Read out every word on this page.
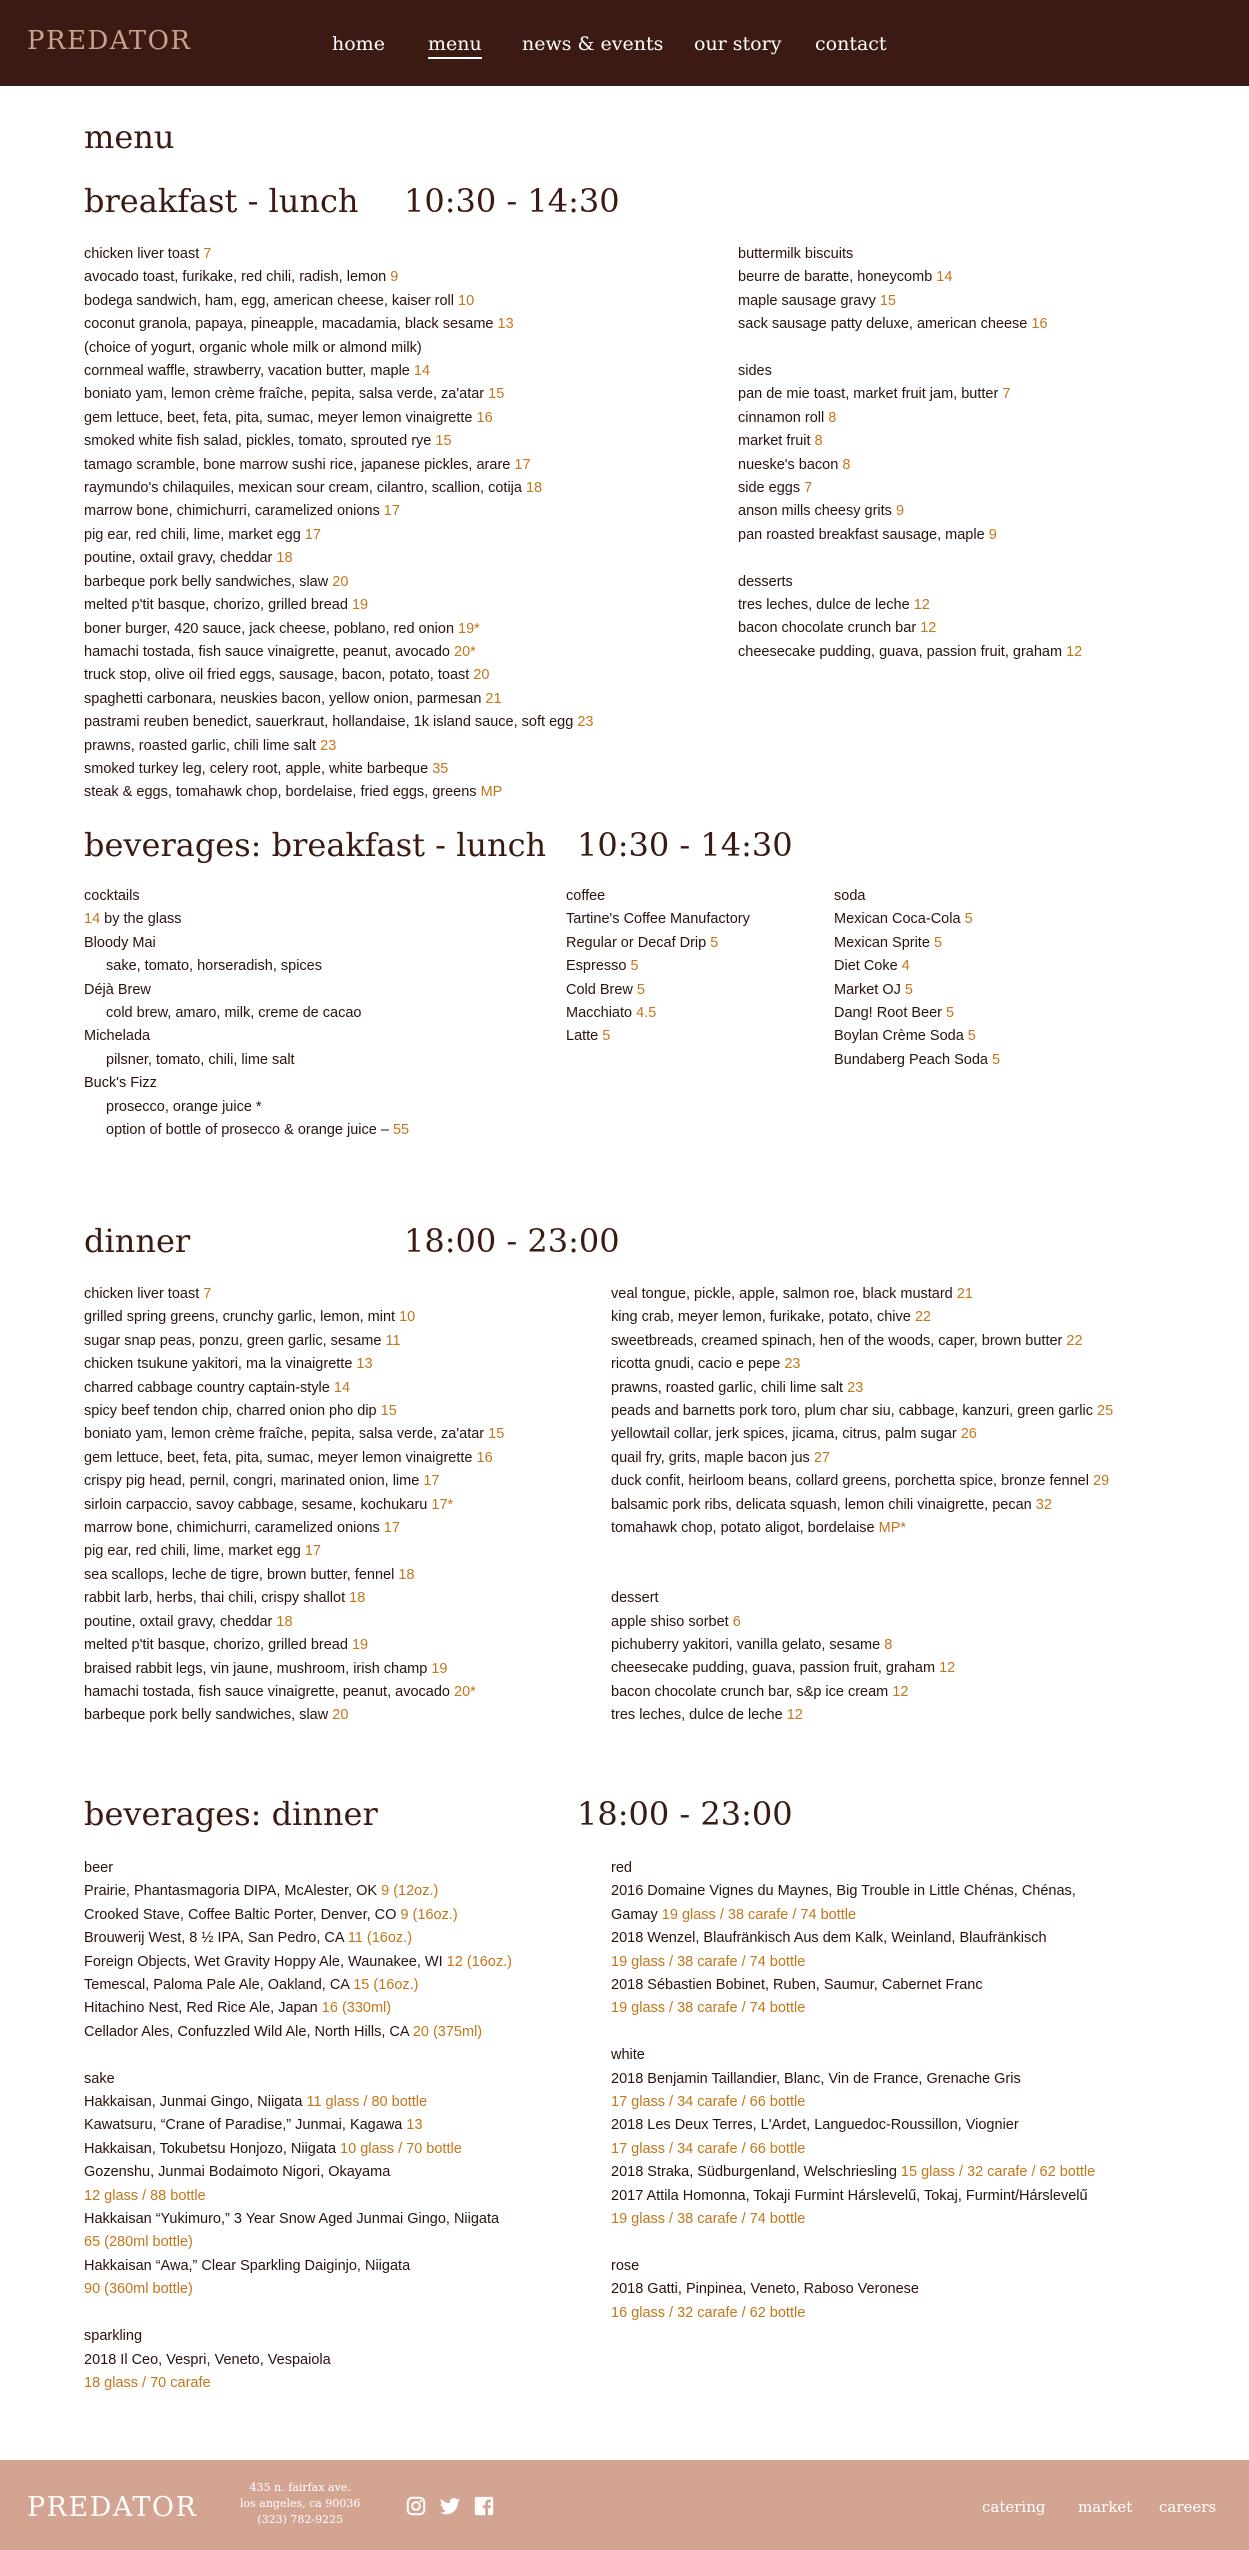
PREDATOR	home menu news & events our story contact
menu
breakfast - lunch 10:30 - 14:30
chicken liver toast 7
avocado toast, furikake, red chili, radish, lemon 9
bodega sandwich, ham, egg, american cheese, kaiser roll 10
coconut granola, papaya, pineapple, macadamia, black sesame 13
(choice of yogurt, organic whole milk or almond milk)
cornmeal waffle, strawberry, vacation butter, maple 14
boniato yam, lemon crème fraîche, pepita, salsa verde, za'atar 15
gem lettuce, beet, feta, pita, sumac, meyer lemon vinaigrette 16
smoked white fish salad, pickles, tomato, sprouted rye 15
tamago scramble, bone marrow sushi rice, japanese pickles, arare 17
raymundo's chilaquiles, mexican sour cream, cilantro, scallion, cotija 18
marrow bone, chimichurri, caramelized onions 17
pig ear, red chili, lime, market egg 17
poutine, oxtail gravy, cheddar 18
barbeque pork belly sandwiches, slaw 20
melted p'tit basque, chorizo, grilled bread 19
boner burger, 420 sauce, jack cheese, poblano, red onion 19*
hamachi tostada, fish sauce vinaigrette, peanut, avocado 20*
truck stop, olive oil fried eggs, sausage, bacon, potato, toast 20
spaghetti carbonara, neuskies bacon, yellow onion, parmesan 21
pastrami reuben benedict, sauerkraut, hollandaise, 1k island sauce, soft egg 23
prawns, roasted garlic, chili lime salt 23
smoked turkey leg, celery root, apple, white barbeque 35
steak & eggs, tomahawk chop, bordelaise, fried eggs, greens MP
buttermilk biscuits
beurre de baratte, honeycomb 14
maple sausage gravy 15
sack sausage patty deluxe, american cheese 16
sides
pan de mie toast, market fruit jam, butter 7
cinnamon roll 8
market fruit 8
nueske's bacon 8
side eggs 7
anson mills cheesy grits 9
pan roasted breakfast sausage, maple 9
desserts
tres leches, dulce de leche 12
bacon chocolate crunch bar 12
cheesecake pudding, guava, passion fruit, graham 12
beverages: breakfast - lunch 10:30 - 14:30
cocktails
14 by the glass
Bloody Mai
sake, tomato, horseradish, spices
Déjà Brew
cold brew, amaro, milk, creme de cacao
Michelada
pilsner, tomato, chili, lime salt
Buck's Fizz
prosecco, orange juice *
option of bottle of prosecco & orange juice – 55
coffee
Tartine's Coffee Manufactory
Regular or Decaf Drip 5
Espresso 5
Cold Brew 5
Macchiato 4.5
Latte 5
soda
Mexican Coca-Cola 5
Mexican Sprite 5
Diet Coke 4
Market OJ 5
Dang! Root Beer 5
Boylan Crème Soda 5
Bundaberg Peach Soda 5
dinner	18:00 - 23:00
chicken liver toast 7
grilled spring greens, crunchy garlic, lemon, mint 10
sugar snap peas, ponzu, green garlic, sesame 11
chicken tsukune yakitori, ma la vinaigrette 13
charred cabbage country captain-style 14
spicy beef tendon chip, charred onion pho dip 15
boniato yam, lemon crème fraîche, pepita, salsa verde, za'atar 15
gem lettuce, beet, feta, pita, sumac, meyer lemon vinaigrette 16
crispy pig head, pernil, congri, marinated onion, lime 17
sirloin carpaccio, savoy cabbage, sesame, kochukaru 17*
marrow bone, chimichurri, caramelized onions 17
pig ear, red chili, lime, market egg 17
sea scallops, leche de tigre, brown butter, fennel 18
rabbit larb, herbs, thai chili, crispy shallot 18
poutine, oxtail gravy, cheddar 18
melted p'tit basque, chorizo, grilled bread 19
braised rabbit legs, vin jaune, mushroom, irish champ 19
hamachi tostada, fish sauce vinaigrette, peanut, avocado 20*
barbeque pork belly sandwiches, slaw 20
veal tongue, pickle, apple, salmon roe, black mustard 21
king crab, meyer lemon, furikake, potato, chive 22
sweetbreads, creamed spinach, hen of the woods, caper, brown butter 22
ricotta gnudi, cacio e pepe 23
prawns, roasted garlic, chili lime salt 23
peads and barnetts pork toro, plum char siu, cabbage, kanzuri, green garlic 25
yellowtail collar, jerk spices, jicama, citrus, palm sugar 26
quail fry, grits, maple bacon jus 27
duck confit, heirloom beans, collard greens, porchetta spice, bronze fennel 29
balsamic pork ribs, delicata squash, lemon chili vinaigrette, pecan 32
tomahawk chop, potato aligot, bordelaise MP*
dessert
apple shiso sorbet 6
pichuberry yakitori, vanilla gelato, sesame 8
cheesecake pudding, guava, passion fruit, graham 12
bacon chocolate crunch bar, s&p ice cream 12
tres leches, dulce de leche 12
beverages: dinner	18:00 - 23:00
beer
Prairie, Phantasmagoria DIPA, McAlester, OK 9 (12oz.)
Crooked Stave, Coffee Baltic Porter, Denver, CO 9 (16oz.)
Brouwerij West, 8 ½ IPA, San Pedro, CA 11 (16oz.)
Foreign Objects, Wet Gravity Hoppy Ale, Waunakee, WI 12 (16oz.)
Temescal, Paloma Pale Ale, Oakland, CA 15 (16oz.)
Hitachino Nest, Red Rice Ale, Japan 16 (330ml)
Cellador Ales, Confuzzled Wild Ale, North Hills, CA 20 (375ml)
sake
Hakkaisan, Junmai Gingo, Niigata 11 glass / 80 bottle
Kawatsuru, “Crane of Paradise,” Junmai, Kagawa 13
Hakkaisan, Tokubetsu Honjozo, Niigata 10 glass / 70 bottle
Gozenshu, Junmai Bodaimoto Nigori, Okayama
12 glass / 88 bottle
Hakkaisan “Yukimuro,” 3 Year Snow Aged Junmai Gingo, Niigata
65 (280ml bottle)
Hakkaisan “Awa,” Clear Sparkling Daiginjo, Niigata
90 (360ml bottle)
sparkling
2018 Il Ceo, Vespri, Veneto, Vespaiola
18 glass / 70 carafe
red
2016 Domaine Vignes du Maynes, Big Trouble in Little Chénas, Chénas,
Gamay 19 glass / 38 carafe / 74 bottle
2018 Wenzel, Blaufränkisch Aus dem Kalk, Weinland, Blaufränkisch
19 glass / 38 carafe / 74 bottle
2018 Sébastien Bobinet, Ruben, Saumur, Cabernet Franc
19 glass / 38 carafe / 74 bottle
white
2018 Benjamin Taillandier, Blanc, Vin de France, Grenache Gris
17 glass / 34 carafe / 66 bottle
2018 Les Deux Terres, L'Ardet, Languedoc-Roussillon, Viognier
17 glass / 34 carafe / 66 bottle
2018 Straka, Südburgenland, Welschriesling 15 glass / 32 carafe / 62 bottle
2017 Attila Homonna, Tokaji Furmint Hárslevelű, Tokaj, Furmint/Hárslevelű
19 glass / 38 carafe / 74 bottle
rose
2018 Gatti, Pinpinea, Veneto, Raboso Veronese
16 glass / 32 carafe / 62 bottle
PREDATOR
435 n. fairfax ave.
los angeles, ca 90036
(323) 782-9225
catering market careers
